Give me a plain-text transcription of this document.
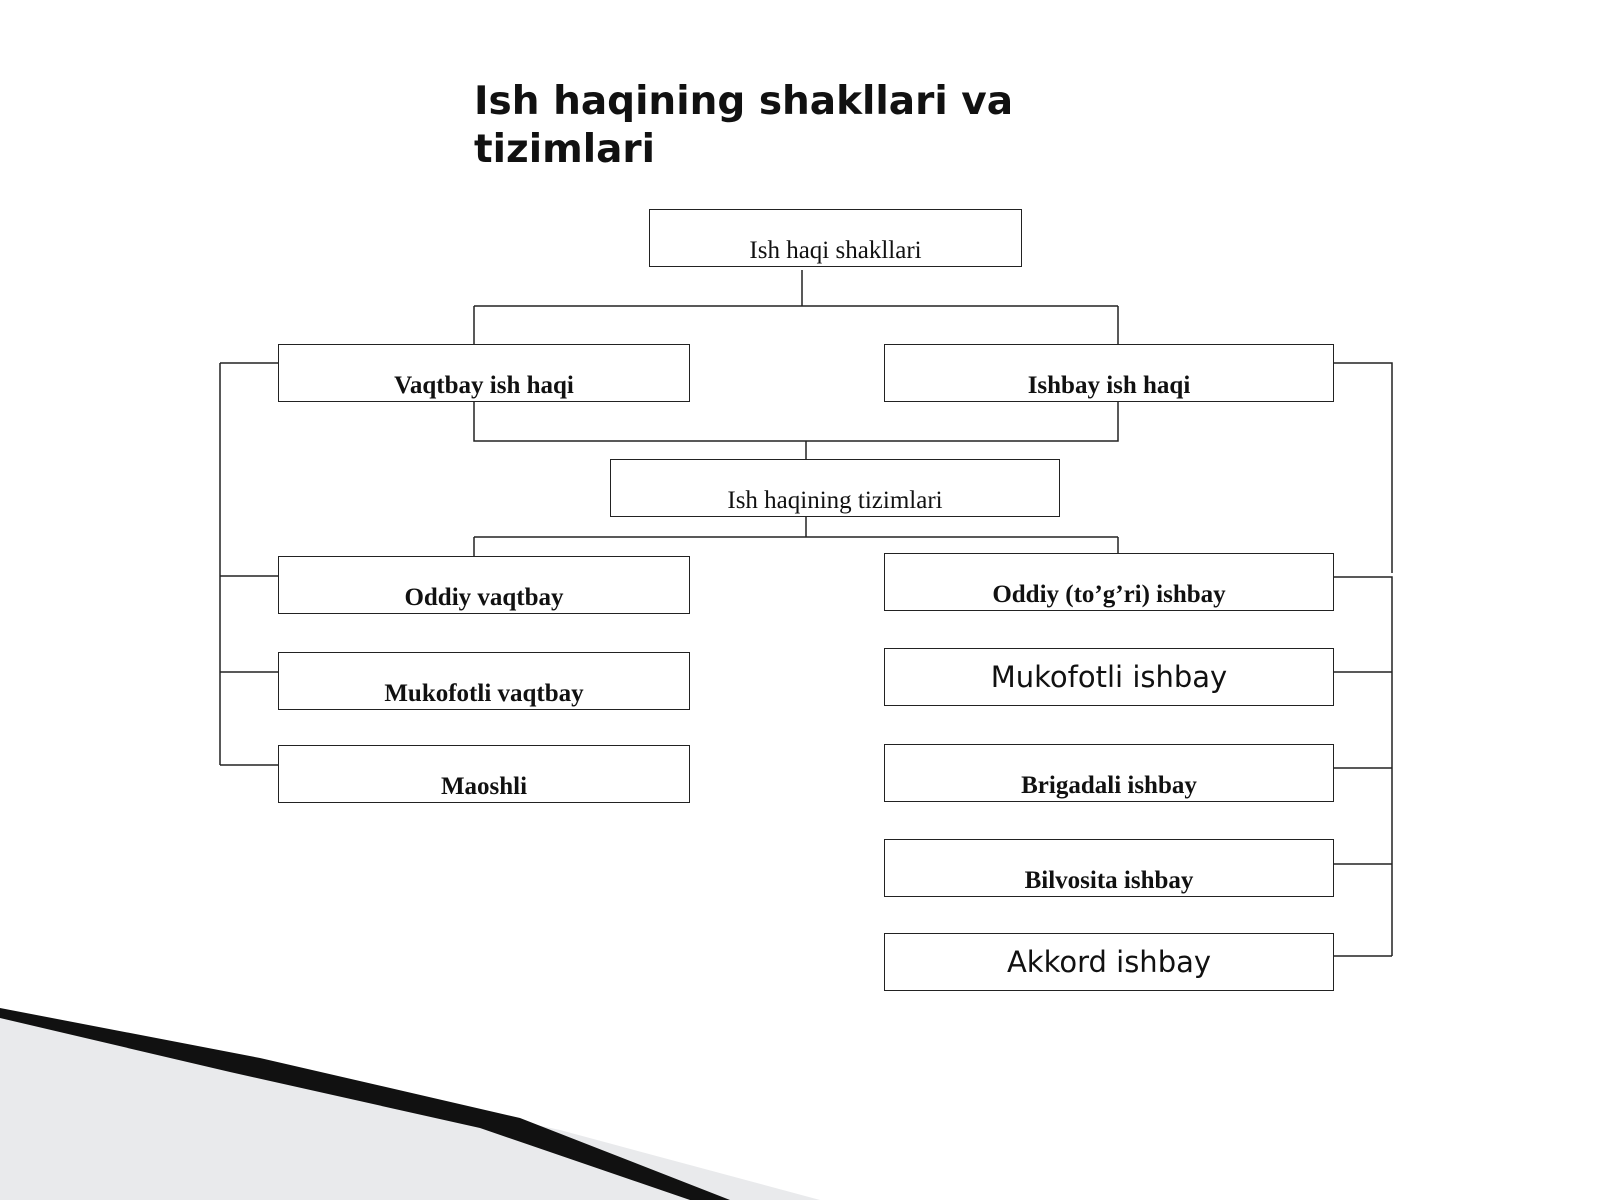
Ish haqining shakllari va
tizimlari
Ish haqi shakllari
Vaqtbay ish haqi	Ishbay ish haqi
Ish haqining tizimlari
Oddiy vaqtbay
Mukofotli vaqtbay
Maoshli
Oddiy (to’g’ri) ishbay
Mukofotli ishbay
Brigadali ishbay
Bilvosita ishbay
Akkord ishbay
